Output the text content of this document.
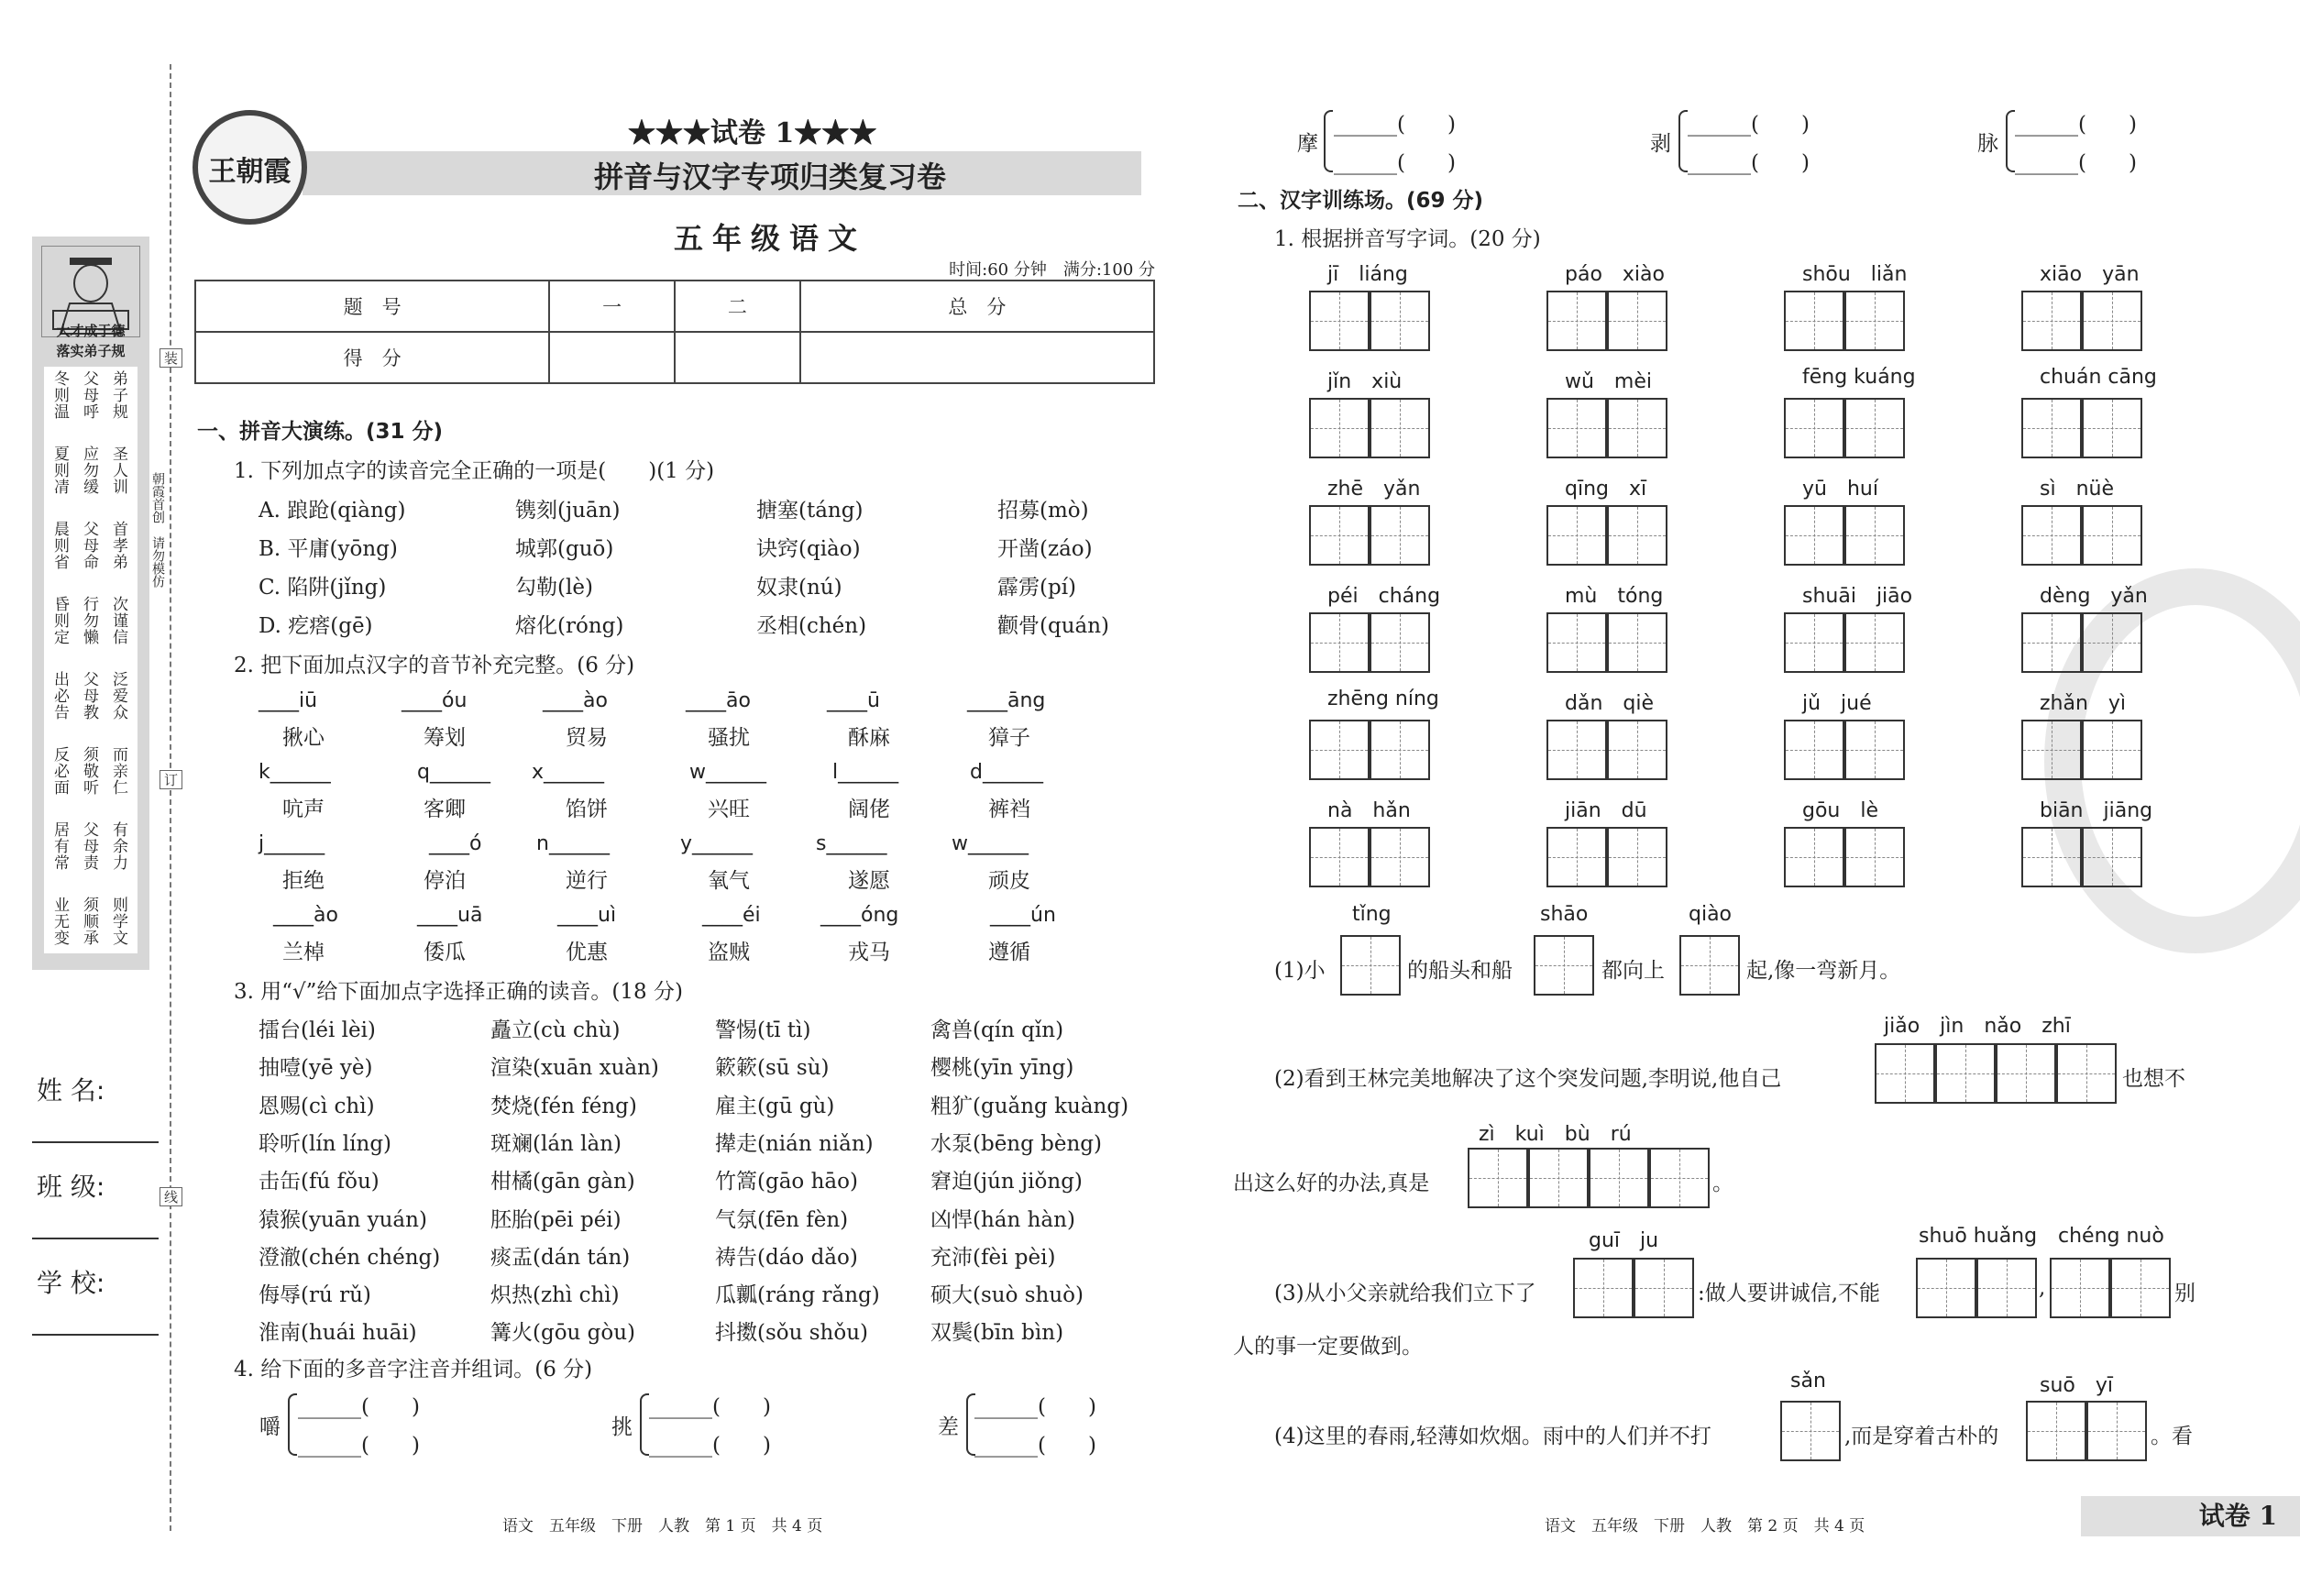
大才成于德
落实弟子规
弟子规
圣人训
首孝弟
次谨信
泛爱众
而亲仁
有余力
则学文
父母呼
应勿缓
父母命
行勿懒
父母教
须敬听
父母责
须顺承
冬则温
夏则凊
晨则省
昏则定
出必告
反必面
居有常
业无变
装
订
线
朝霞首创　请勿模仿
姓 名:
班 级:
学 校:
王朝霞
★★★试卷 1★★★
拼音与汉字专项归类复习卷
五年级语文
时间:60 分钟　满分:100 分
题　号	一	二	总　分
得　分			
一、拼音大演练。(31 分)
1. 下列加点字的读音完全正确的一项是(　　)(1 分)
A. 踉跄(qiàng)	镌刻(juān)	搪塞(táng)	招募(mò)
B. 平庸(yōng)	城郭(guō)	诀窍(qiào)	开凿(záo)
C. 陷阱(jǐng)	勾勒(lè)	奴隶(nú)	霹雳(pí)
D. 疙瘩(gē)	熔化(róng)	丞相(chén)	颧骨(quán)
2. 把下面加点汉字的音节补充完整。(6 分)
____iū	____óu	____ào	____āo	____ū	____āng
揪心	筹划	贸易	骚扰	酥麻	獐子
k______	q______ x______	w______	l______	d______
吭声	客卿	馅饼	兴旺	阔佬	裤裆
j______	____ó	n______	y______	s______	w______
拒绝	停泊	逆行	氧气	遂愿	顽皮
____ào	____uā	____uì	____éi	____óng	____ún
兰棹	倭瓜	优惠	盗贼	戎马	遵循
3. 用“√”给下面加点字选择正确的读音。(18 分)
擂台(léi lèi)	矗立(cù chù)	警惕(tī tì)	禽兽(qín qǐn)
抽噎(yē yè)	渲染(xuān xuàn)	簌簌(sū sù)	樱桃(yīn yīng)
恩赐(cì chì)	焚烧(fén féng)	雇主(gū gù)	粗犷(guǎng kuàng)
聆听(lín líng)	斑斓(lán làn)	撵走(nián niǎn)	水泵(bēng bèng)
击缶(fú fǒu)	柑橘(gān gàn)	竹篙(gāo hāo)	窘迫(jún jiǒng)
猿猴(yuān yuán)	胚胎(pēi péi)	气氛(fēn fèn)	凶悍(hán hàn)
澄澈(chén chéng) 痰盂(dán tán)	祷告(dáo dǎo)	充沛(fèi pèi)
侮辱(rú rǔ)	炽热(zhì chì)	瓜瓤(ráng rǎng) 硕大(suò shuò)
淮南(huái huāi)	篝火(gōu gòu)	抖擞(sǒu shǒu)	双鬓(bīn bìn)
4. 给下面的多音字注音并组词。(6 分)
嚼
______(　　)
______(　　)
挑
______(　　)
______(　　)
差
______(　　)
______(　　)
语文　五年级　下册　人教　第 1 页　共 4 页
摩
______(　　)
______(　　)
剥
______(　　)
______(　　)
脉
______(　　)
______(　　)
二、汉字训练场。(69 分)
1. 根据拼音写字词。(20 分)
jī　liáng	páo　xiào	shōu　liǎn	xiāo　yān
jǐn　xiù	wǔ　mèi	fēng kuáng	chuán cāng
zhē　yǎn	qīng　xī	yū　huí	sì　nüè
péi　cháng	mù　tóng	shuāi　jiāo	dèng　yǎn
zhēng níng	dǎn　qiè	jǔ　jué	zhǎn　yì
nà　hǎn	jiān　dū	gōu　lè	biān　jiāng
tǐng	shāo	qiào
(1)小	的船头和船	都向上	起,像一弯新月。
jiǎo　jìn　nǎo　zhī
(2)看到王林完美地解决了这个突发问题,李明说,他自己	也想不
zì　kuì　bù　rú
出这么好的办法,真是	。
guī　ju	shuō huǎng chéng nuò
(3)从小父亲就给我们立下了	:做人要讲诚信,不能	,	别
人的事一定要做到。
sǎn	suō　yī
(4)这里的春雨,轻薄如炊烟。雨中的人们并不打	,而是穿着古朴的	。看
语文　五年级　下册　人教　第 2 页　共 4 页	试卷 1
